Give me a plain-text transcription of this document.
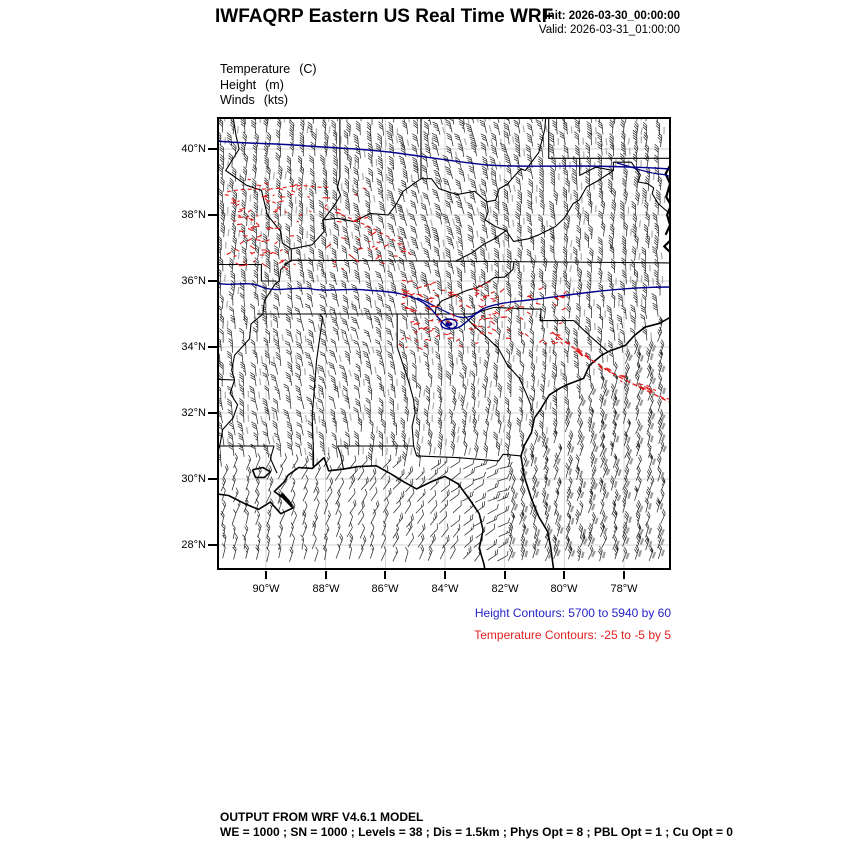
IWFAQRP Eastern US Real Time WRF
Init: 2026-03-30_00:00:00
Valid: 2026-03-31_01:00:00
Temperature (C)
Height (m)
Winds (kts)
40°N
38°N
36°N
34°N
32°N
30°N
28°N
90°W	88°W	86°W	84°W	82°W	80°W	78°W
Height Contours: 5700 to 5940 by 60
Temperature Contours: -25 to -5 by 5
OUTPUT FROM WRF V4.6.1 MODEL
WE = 1000 ; SN = 1000 ; Levels = 38 ; Dis = 1.5km ; Phys Opt = 8 ; PBL Opt = 1 ; Cu Opt = 0
